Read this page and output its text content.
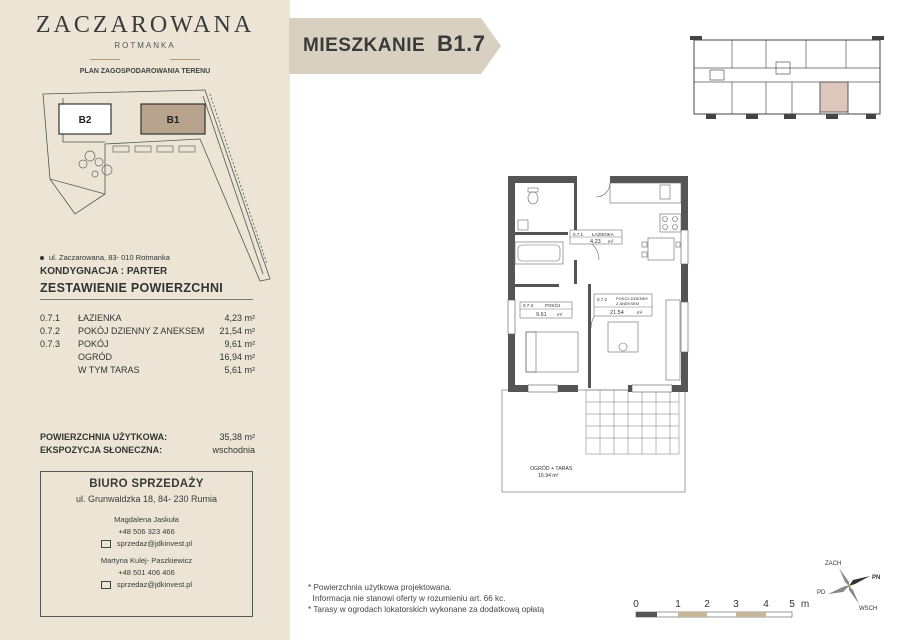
ZACZAROWANA
ROTMANKA
PLAN ZAGOSPODAROWANIA TERENU
B2	B1
ul. Zaczarowana, 83- 010 Rotmanka
KONDYGNACJA : PARTER
ZESTAWIENIE POWIERZCHNI
0.7.1 ŁAZIENKA	4,23 m²
0.7.2 POKÓJ DZIENNY Z ANEKSEM 21,54 m²
0.7.3 POKÓJ	9,61 m²
OGRÓD	16,94 m²
W TYM TARAS	5,61 m²
POWIERZCHNIA UŻYTKOWA:	35,38 m²
EKSPOZYCJA SŁONECZNA:	wschodnia
BIURO SPRZEDAŻY
ul. Grunwaldzka 18, 84- 230 Rumia
Magdalena Jaskuła
+48 506 323 466
sprzedaz@jdkinvest.pl
Martyna Kulej- Paszkiewicz
+48 501 406 406
sprzedaz@jdkinvest.pl
MIESZKANIE B1.7
0.7.1 ŁAZIENKA
4.23 m²
0.7.3	POKÓJ
9.61 m²
0.7.2 POKÓJ DZIENNY
Z ANEKSEM
21.54	m²
OGRÓD + TARAS
16.94 m²
* Powierzchnia użytkowa projektowana.
Informacja nie stanowi oferty w rozumieniu art. 66 kc.
* Tarasy w ogrodach lokatorskich wykonane za dodatkową opłatą	0	1 2 3 4 5 m
ZACH
PN
PD
WSCH
